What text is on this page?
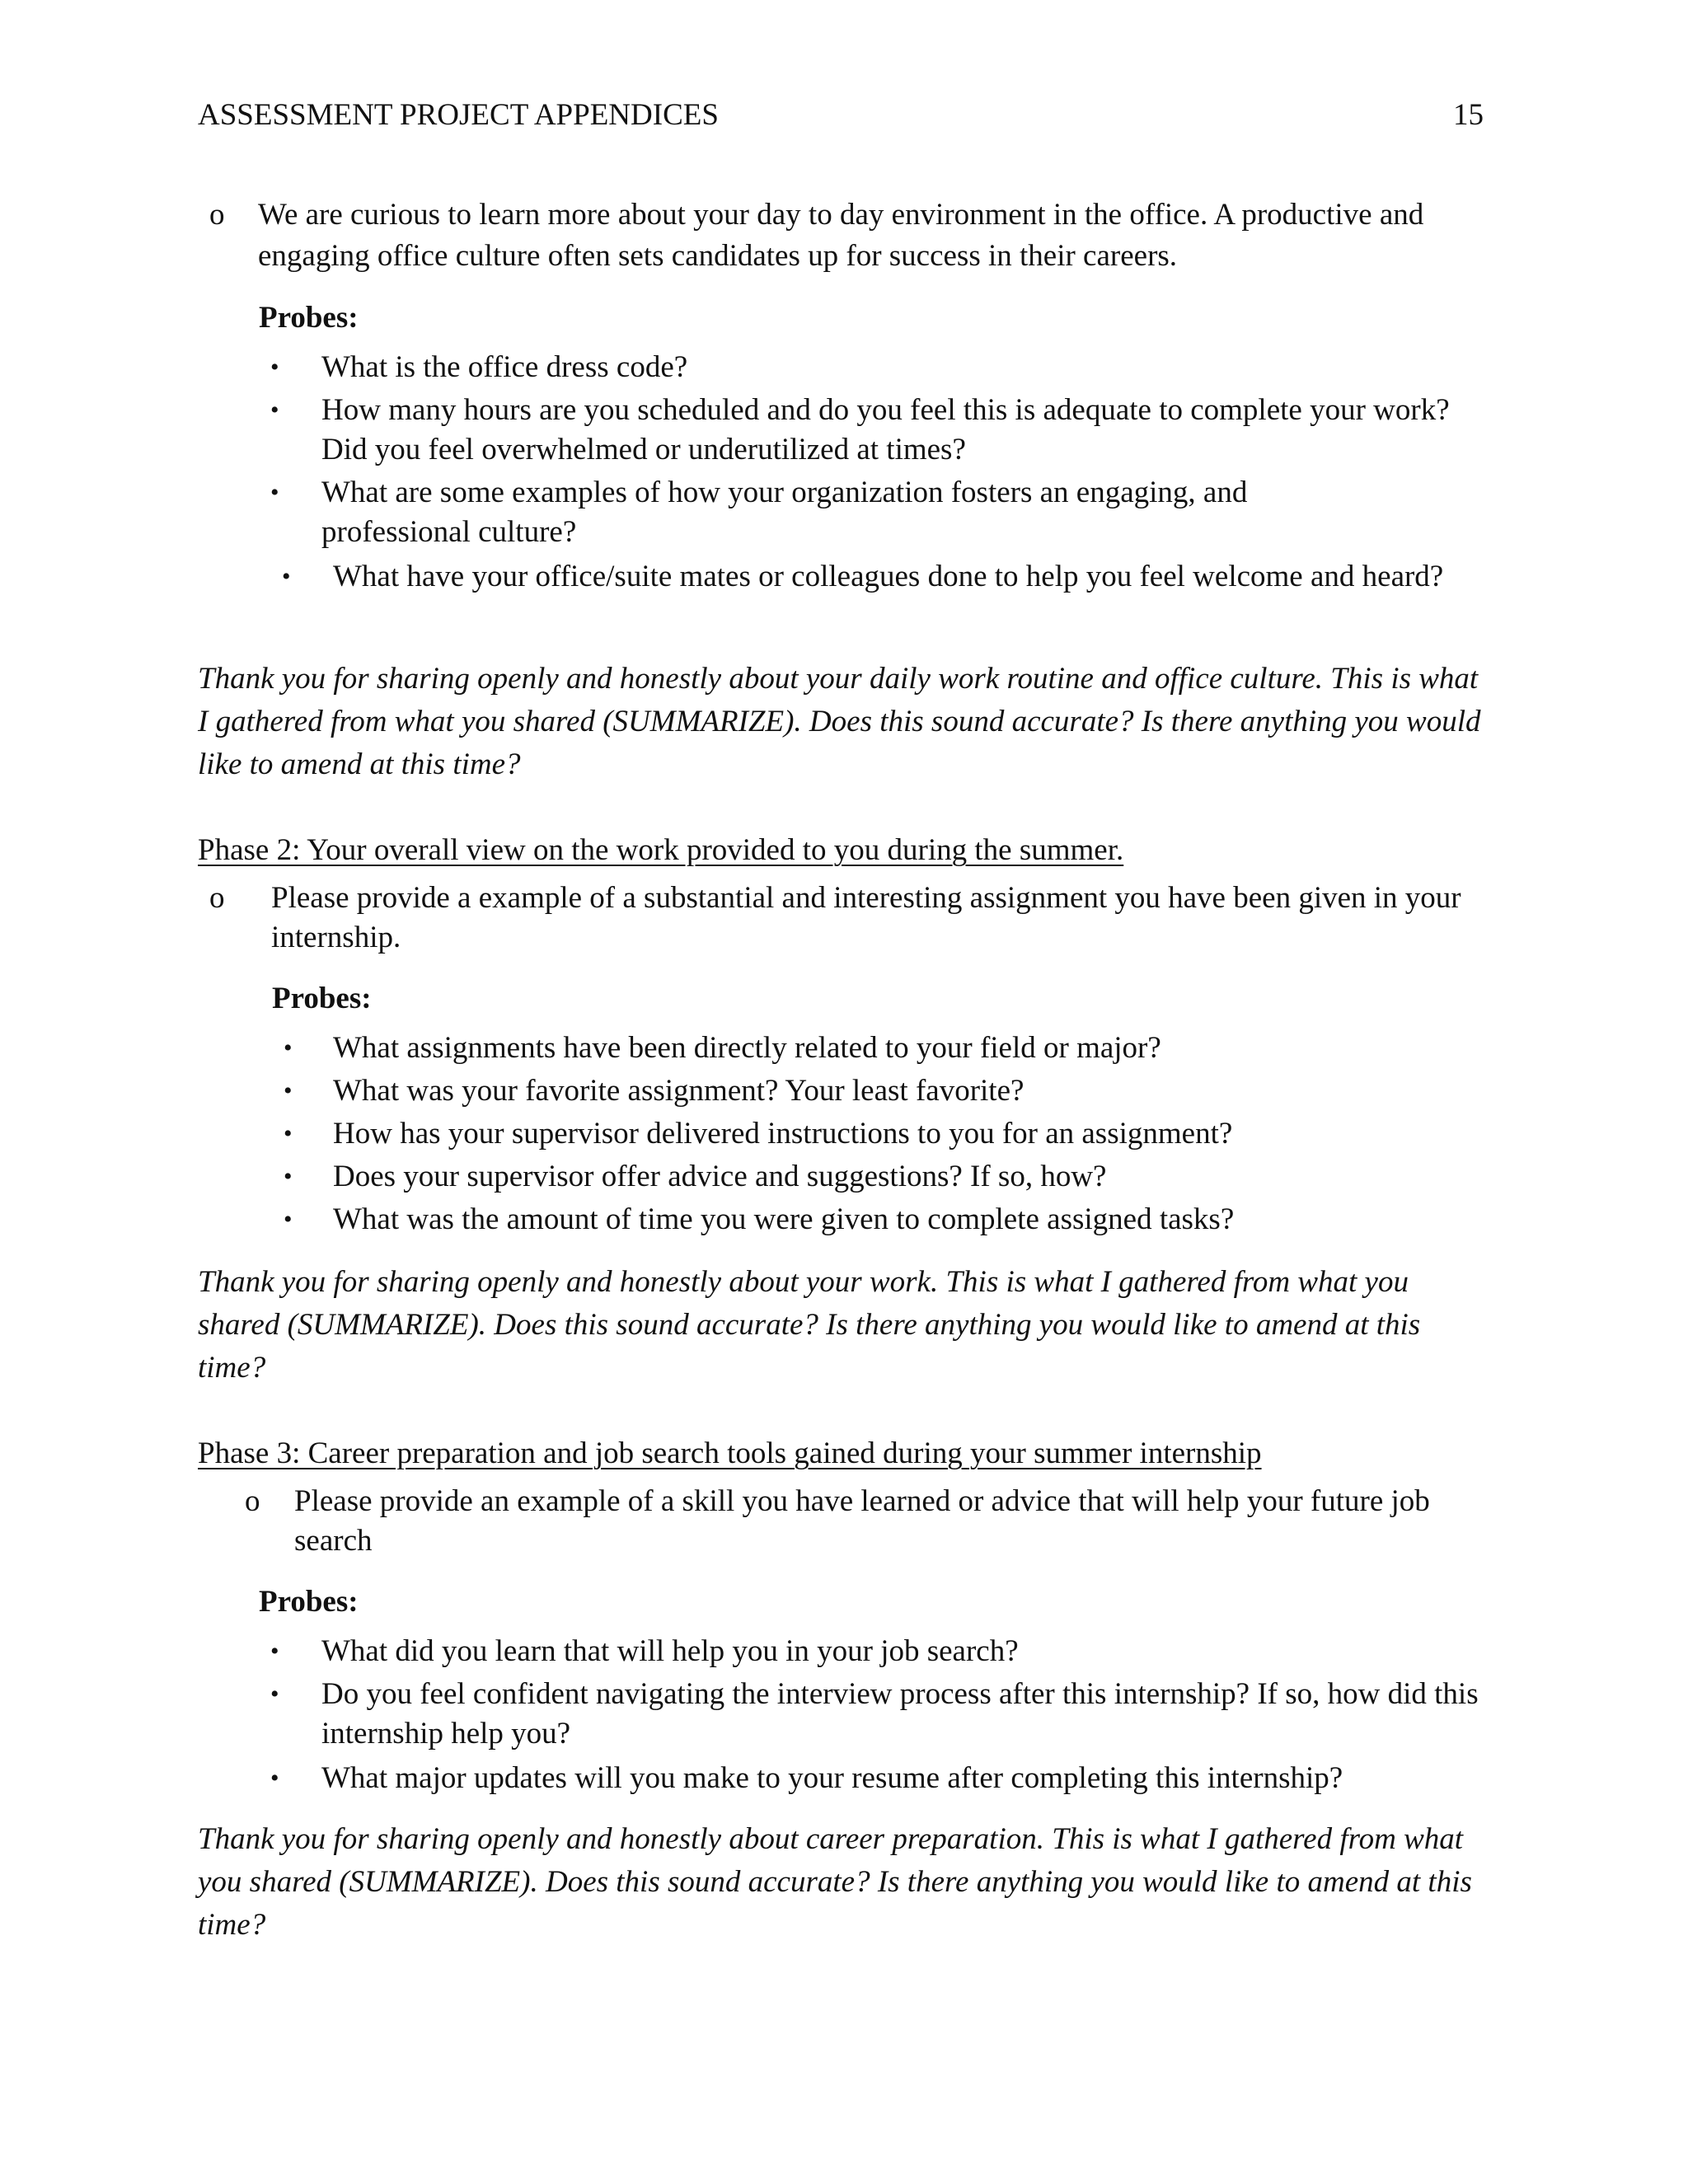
ASSESSMENT PROJECT APPENDICES	15
o We are curious to learn more about your day to day environment in the office. A productive and engaging office culture often sets candidates up for success in their careers.
Probes:
• What is the office dress code?
• How many hours are you scheduled and do you feel this is adequate to complete your work? Did you feel overwhelmed or underutilized at times?
• What are some examples of how your organization fosters an engaging, and professional culture?
• What have your office/suite mates or colleagues done to help you feel welcome and heard?
Thank you for sharing openly and honestly about your daily work routine and office culture. This is what I gathered from what you shared (SUMMARIZE). Does this sound accurate? Is there anything you would like to amend at this time?
Phase 2: Your overall view on the work provided to you during the summer.
o Please provide a example of a substantial and interesting assignment you have been given in your internship.
Probes:
• What assignments have been directly related to your field or major?
• What was your favorite assignment? Your least favorite?
• How has your supervisor delivered instructions to you for an assignment?
• Does your supervisor offer advice and suggestions? If so, how?
• What was the amount of time you were given to complete assigned tasks?
Thank you for sharing openly and honestly about your work. This is what I gathered from what you shared (SUMMARIZE). Does this sound accurate? Is there anything you would like to amend at this time?
Phase 3: Career preparation and job search tools gained during your summer internship
o Please provide an example of a skill you have learned or advice that will help your future job search
Probes:
• What did you learn that will help you in your job search?
• Do you feel confident navigating the interview process after this internship? If so, how did this internship help you?
• What major updates will you make to your resume after completing this internship?
Thank you for sharing openly and honestly about career preparation. This is what I gathered from what you shared (SUMMARIZE). Does this sound accurate? Is there anything you would like to amend at this time?
